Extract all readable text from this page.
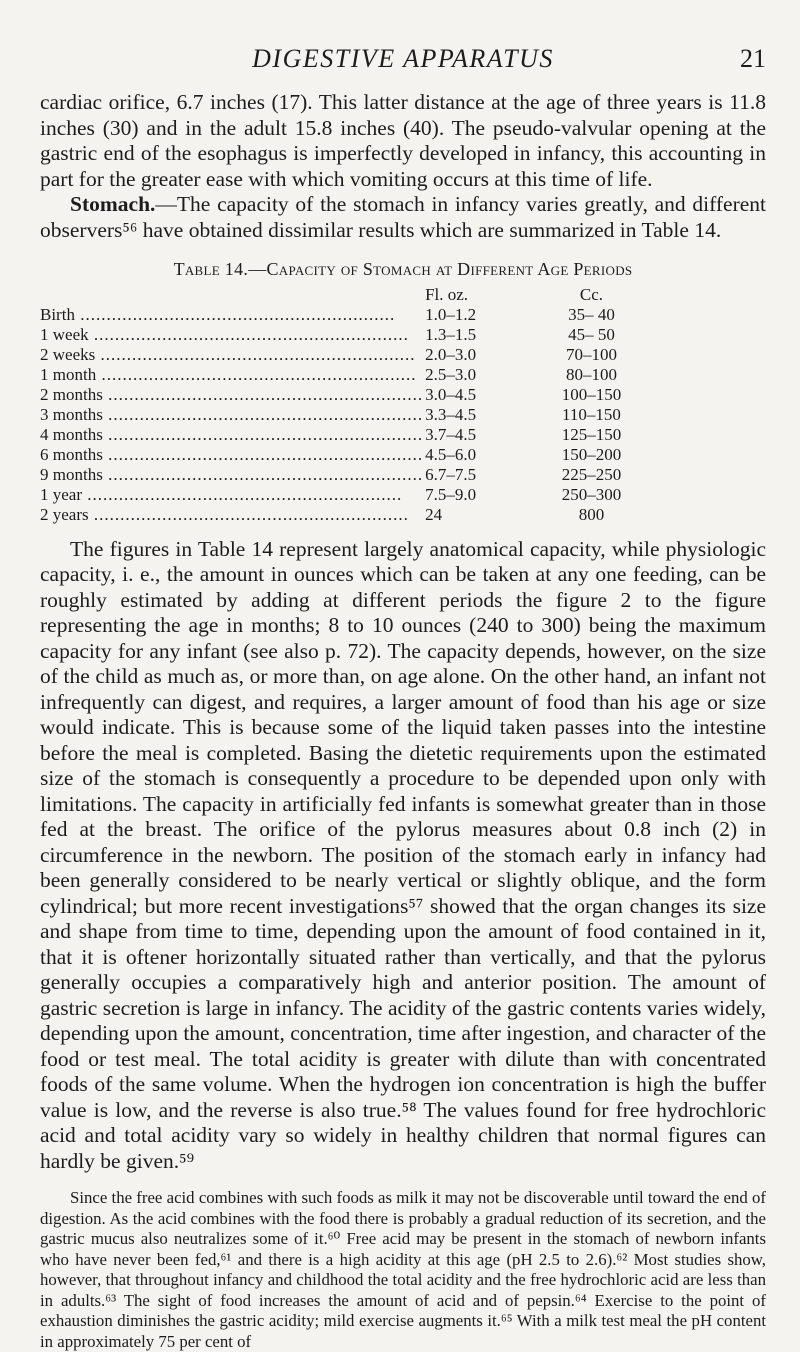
DIGESTIVE APPARATUS	21

cardiac orifice, 6.7 inches (17). This latter distance at the age of three years is 11.8 inches (30) and in the adult 15.8 inches (40). The pseudo-valvular opening at the gastric end of the esophagus is imperfectly developed in infancy, this accounting in part for the greater ease with which vomiting occurs at this time of life.

Stomach.—The capacity of the stomach in infancy varies greatly, and different observers⁵⁶ have obtained dissimilar results which are summarized in Table 14.

Table 14.—Capacity of Stomach at Different Age Periods
	Fl. oz.	Cc.
Birth ............................................................	1.0–1.2	35– 40
1 week ............................................................	1.3–1.5	45– 50
2 weeks ............................................................	2.0–3.0	70–100
1 month ............................................................	2.5–3.0	80–100
2 months ............................................................	3.0–4.5	100–150
3 months ............................................................	3.3–4.5	110–150
4 months ............................................................	3.7–4.5	125–150
6 months ............................................................	4.5–6.0	150–200
9 months ............................................................	6.7–7.5	225–250
1 year ............................................................	7.5–9.0	250–300
2 years ............................................................	24	800

The figures in Table 14 represent largely anatomical capacity, while physiologic capacity, i. e., the amount in ounces which can be taken at any one feeding, can be roughly estimated by adding at different periods the figure 2 to the figure representing the age in months; 8 to 10 ounces (240 to 300) being the maximum capacity for any infant (see also p. 72). The capacity depends, however, on the size of the child as much as, or more than, on age alone. On the other hand, an infant not infrequently can digest, and requires, a larger amount of food than his age or size would indicate. This is because some of the liquid taken passes into the intestine before the meal is completed. Basing the dietetic requirements upon the estimated size of the stomach is consequently a procedure to be depended upon only with limitations. The capacity in artificially fed infants is somewhat greater than in those fed at the breast. The orifice of the pylorus measures about 0.8 inch (2) in circumference in the newborn. The position of the stomach early in infancy had been generally considered to be nearly vertical or slightly oblique, and the form cylindrical; but more recent investigations⁵⁷ showed that the organ changes its size and shape from time to time, depending upon the amount of food contained in it, that it is oftener horizontally situated rather than vertically, and that the pylorus generally occupies a comparatively high and anterior position. The amount of gastric secretion is large in infancy. The acidity of the gastric contents varies widely, depending upon the amount, concentration, time after ingestion, and character of the food or test meal. The total acidity is greater with dilute than with concentrated foods of the same volume. When the hydrogen ion concentration is high the buffer value is low, and the reverse is also true.⁵⁸ The values found for free hydrochloric acid and total acidity vary so widely in healthy children that normal figures can hardly be given.⁵⁹

Since the free acid combines with such foods as milk it may not be discoverable until toward the end of digestion. As the acid combines with the food there is probably a gradual reduction of its secretion, and the gastric mucus also neutralizes some of it.⁶⁰ Free acid may be present in the stomach of newborn infants who have never been fed,⁶¹ and there is a high acidity at this age (pH 2.5 to 2.6).⁶² Most studies show, however, that throughout infancy and childhood the total acidity and the free hydrochloric acid are less than in adults.⁶³ The sight of food increases the amount of acid and of pepsin.⁶⁴ Exercise to the point of exhaustion diminishes the gastric acidity; mild exercise augments it.⁶⁵ With a milk test meal the pH content in approximately 75 per cent of
